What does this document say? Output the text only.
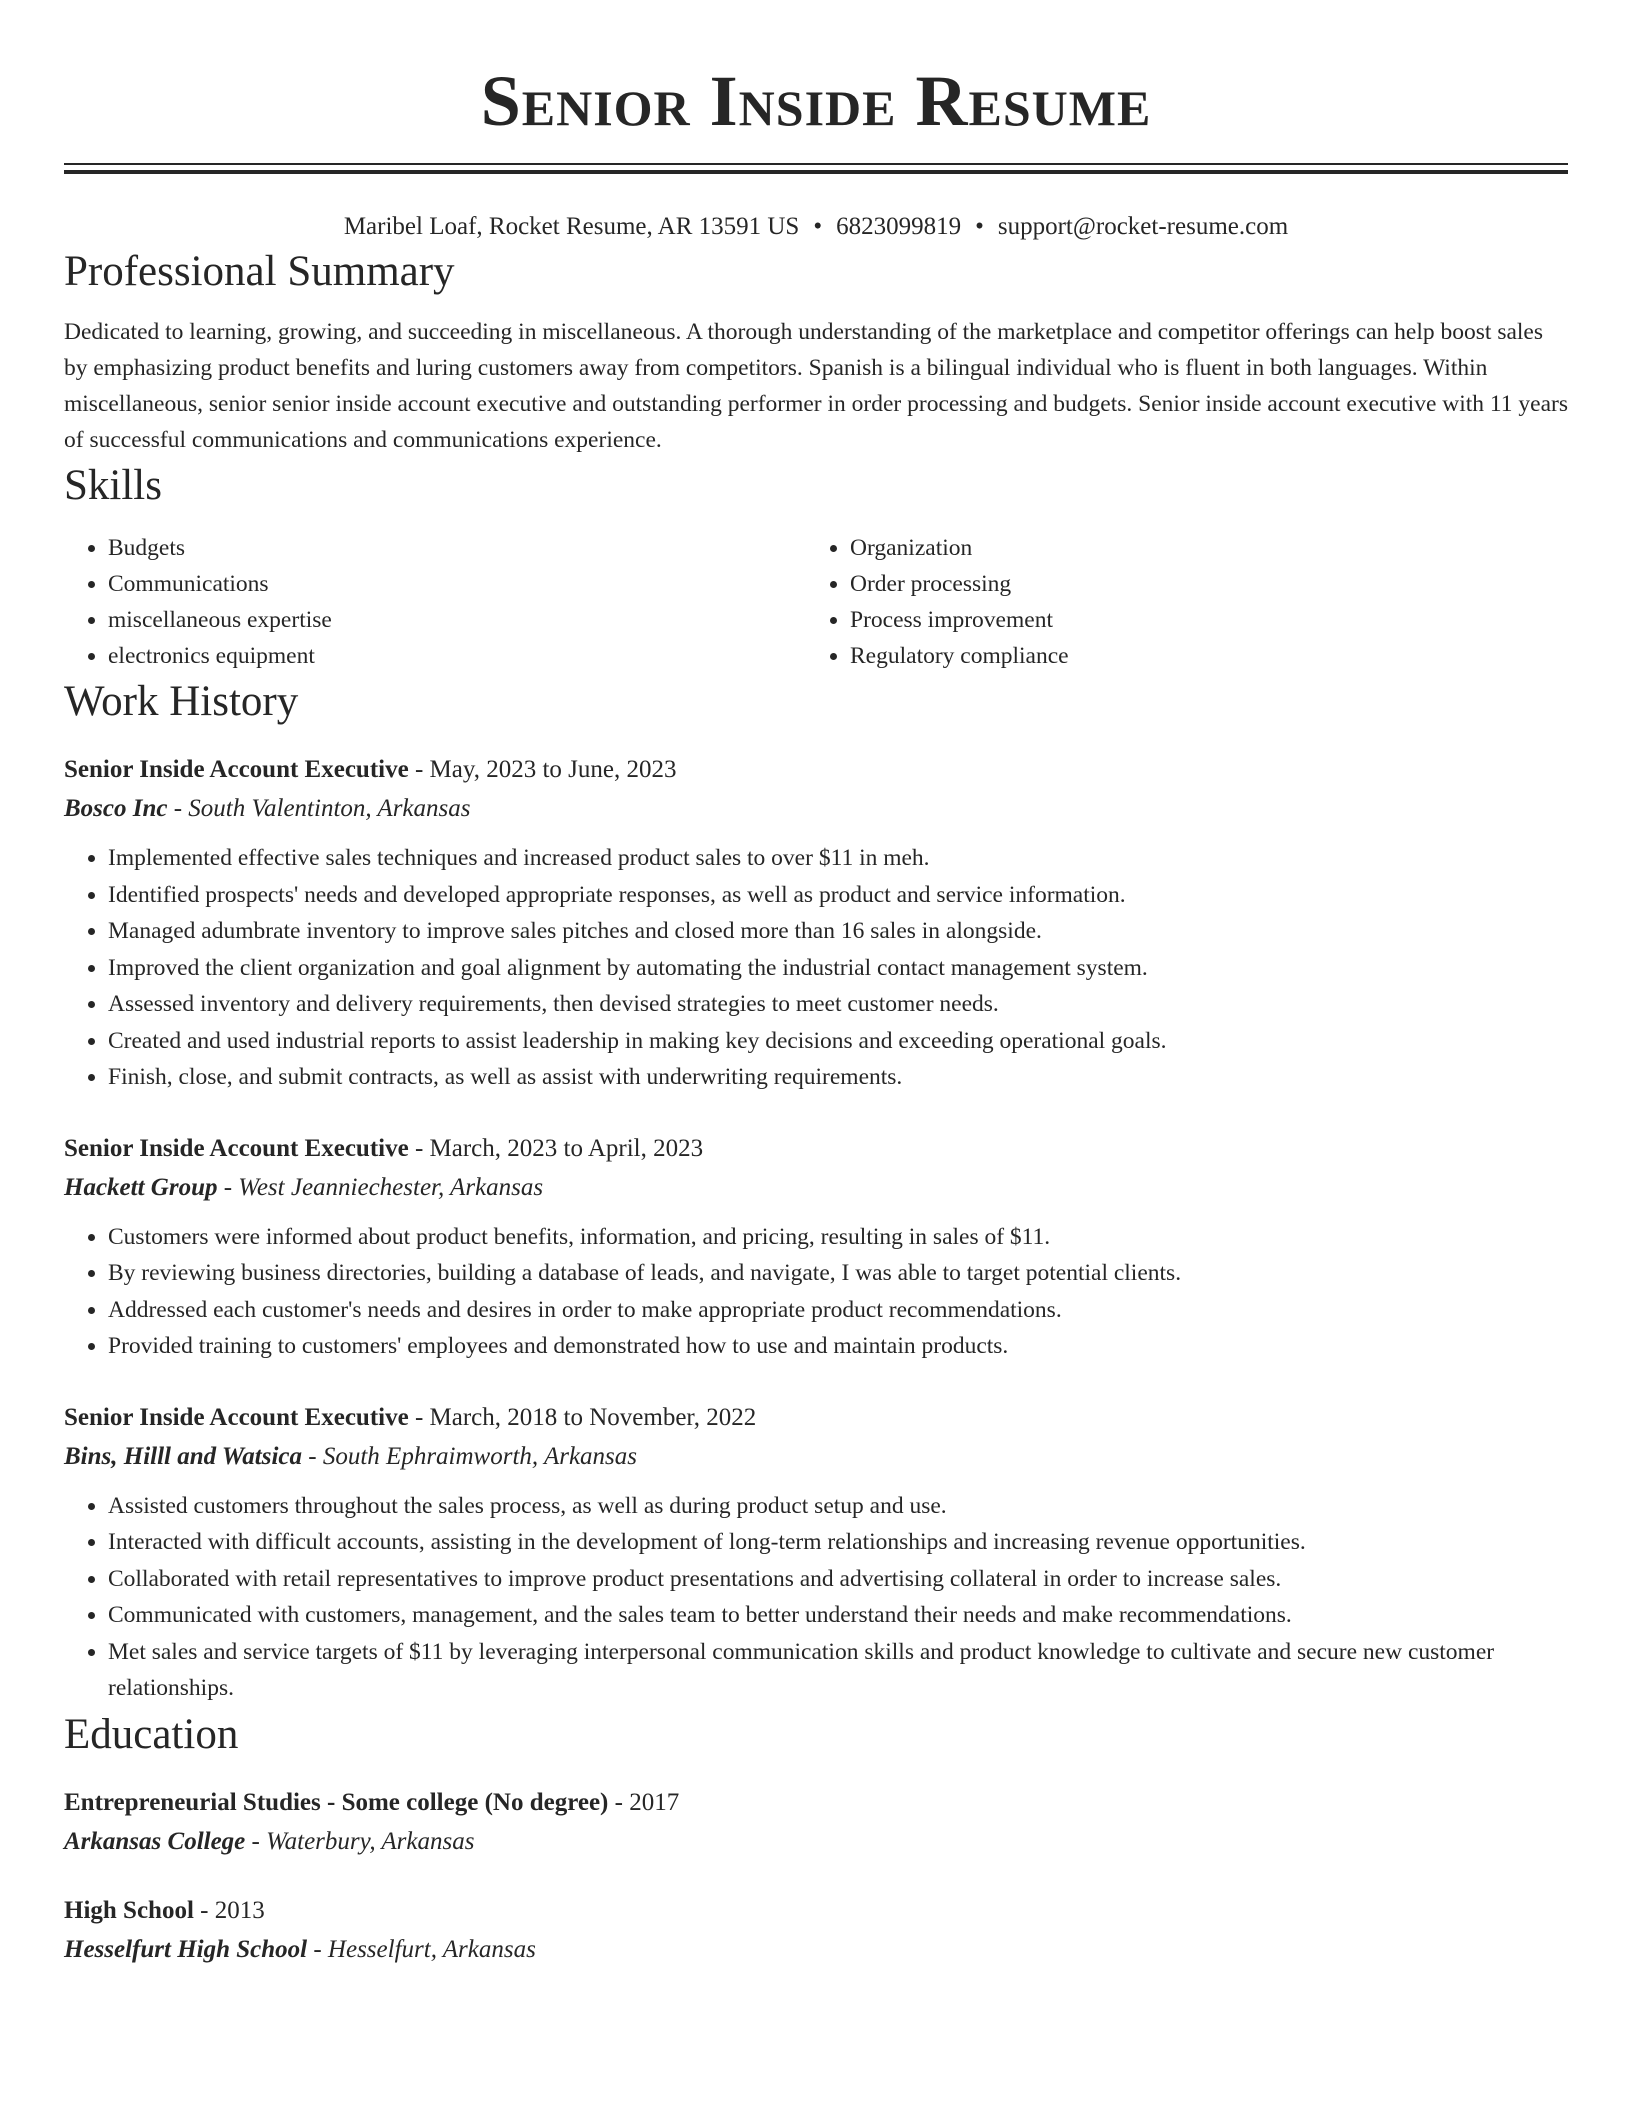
Senior Inside Resume
Maribel Loaf, Rocket Resume, AR 13591 US • 6823099819 • support@rocket-resume.com
Professional Summary
Dedicated to learning, growing, and succeeding in miscellaneous. A thorough understanding of the marketplace and competitor offerings can help boost sales by emphasizing product benefits and luring customers away from competitors. Spanish is a bilingual individual who is fluent in both languages. Within miscellaneous, senior senior inside account executive and outstanding performer in order processing and budgets. Senior inside account executive with 11 years of successful communications and communications experience.
Skills
• Budgets
• Communications
• miscellaneous expertise
• electronics equipment
• Organization
• Order processing
• Process improvement
• Regulatory compliance
Work History
Senior Inside Account Executive - May, 2023 to June, 2023
Bosco Inc - South Valentinton, Arkansas
• Implemented effective sales techniques and increased product sales to over $11 in meh.
• Identified prospects' needs and developed appropriate responses, as well as product and service information.
• Managed adumbrate inventory to improve sales pitches and closed more than 16 sales in alongside.
• Improved the client organization and goal alignment by automating the industrial contact management system.
• Assessed inventory and delivery requirements, then devised strategies to meet customer needs.
• Created and used industrial reports to assist leadership in making key decisions and exceeding operational goals.
• Finish, close, and submit contracts, as well as assist with underwriting requirements.
Senior Inside Account Executive - March, 2023 to April, 2023
Hackett Group - West Jeanniechester, Arkansas
• Customers were informed about product benefits, information, and pricing, resulting in sales of $11.
• By reviewing business directories, building a database of leads, and navigate, I was able to target potential clients.
• Addressed each customer's needs and desires in order to make appropriate product recommendations.
• Provided training to customers' employees and demonstrated how to use and maintain products.
Senior Inside Account Executive - March, 2018 to November, 2022
Bins, Hilll and Watsica - South Ephraimworth, Arkansas
• Assisted customers throughout the sales process, as well as during product setup and use.
• Interacted with difficult accounts, assisting in the development of long-term relationships and increasing revenue opportunities.
• Collaborated with retail representatives to improve product presentations and advertising collateral in order to increase sales.
• Communicated with customers, management, and the sales team to better understand their needs and make recommendations.
• Met sales and service targets of $11 by leveraging interpersonal communication skills and product knowledge to cultivate and secure new customer relationships.
Education
Entrepreneurial Studies - Some college (No degree) - 2017
Arkansas College - Waterbury, Arkansas
High School - 2013
Hesselfurt High School - Hesselfurt, Arkansas
